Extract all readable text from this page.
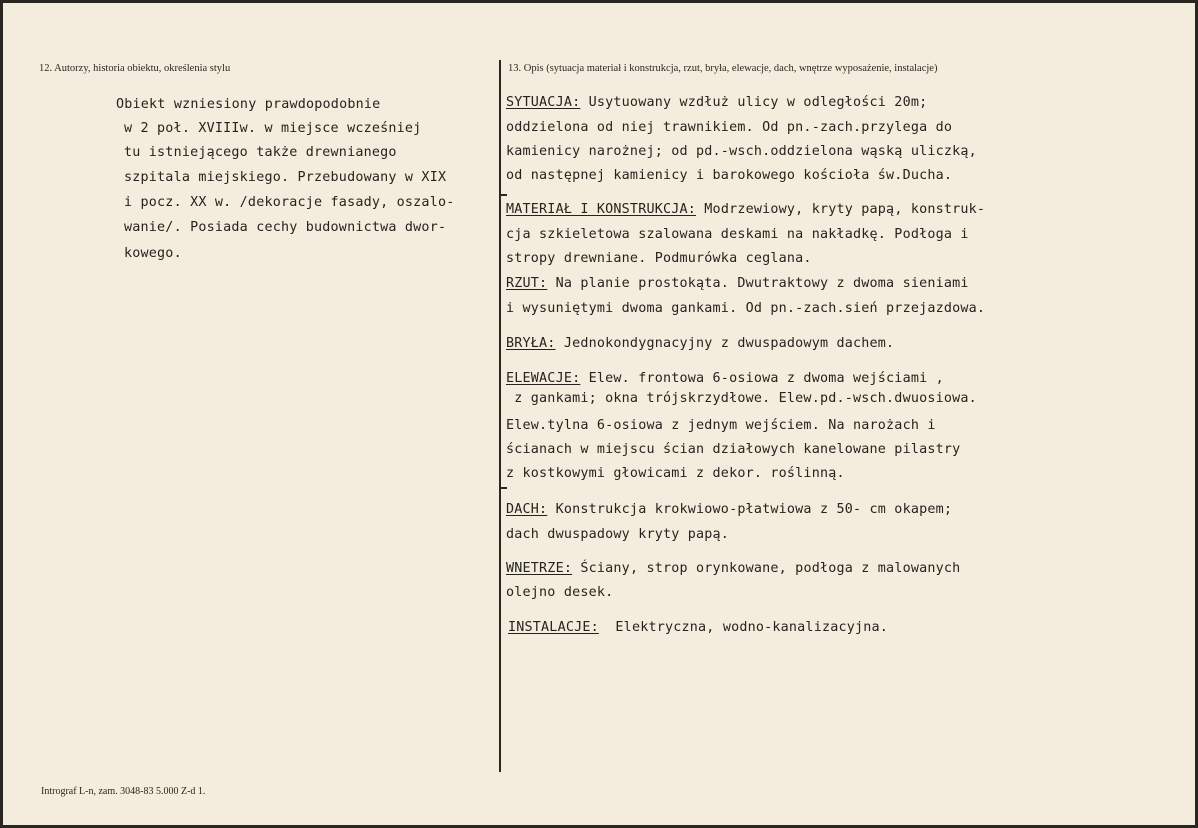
12. Autorzy, historia obiektu, określenia stylu	13. Opis (sytuacja materiał i konstrukcja, rzut, bryła, elewacje, dach, wnętrze wyposażenie, instalacje)

Obiekt wzniesiony prawdopodobnie

w 2 poł. XVIIIw. w miejsce wcześniej

tu istniejącego także drewnianego

szpitala miejskiego. Przebudowany w XIX

i pocz. XX w. /dekoracje fasady, oszalo-

wanie/. Posiada cechy budownictwa dwor-

kowego.

SYTUACJA: Usytuowany wzdłuż ulicy w odległości 20m;

oddzielona od niej trawnikiem. Od pn.-zach.przylega do

kamienicy narożnej; od pd.-wsch.oddzielona wąską uliczką,

od następnej kamienicy i barokowego kościoła św.Ducha.

MATERIAŁ I KONSTRUKCJA: Modrzewiowy, kryty papą, konstruk-

cja szkieletowa szalowana deskami na nakładkę. Podłoga i

stropy drewniane. Podmurówka ceglana.

RZUT: Na planie prostokąta. Dwutraktowy z dwoma sieniami

i wysuniętymi dwoma gankami. Od pn.-zach.sień przejazdowa.

BRYŁA: Jednokondygnacyjny z dwuspadowym dachem.

ELEWACJE: Elew. frontowa 6-osiowa z dwoma wejściami ,

z gankami; okna trójskrzydłowe. Elew.pd.-wsch.dwuosiowa.

Elew.tylna 6-osiowa z jednym wejściem. Na narożach i

ścianach w miejscu ścian działowych kanelowane pilastry

z kostkowymi głowicami z dekor. roślinną.

DACH: Konstrukcja krokwiowo-płatwiowa z 50- cm okapem;

dach dwuspadowy kryty papą.

WNETRZE: Ściany, strop orynkowane, podłoga z malowanych

olejno desek.

INSTALACJE:  Elektryczna, wodno-kanalizacyjna.

Intrograf L-n, zam. 3048-83 5.000 Z-d 1.
